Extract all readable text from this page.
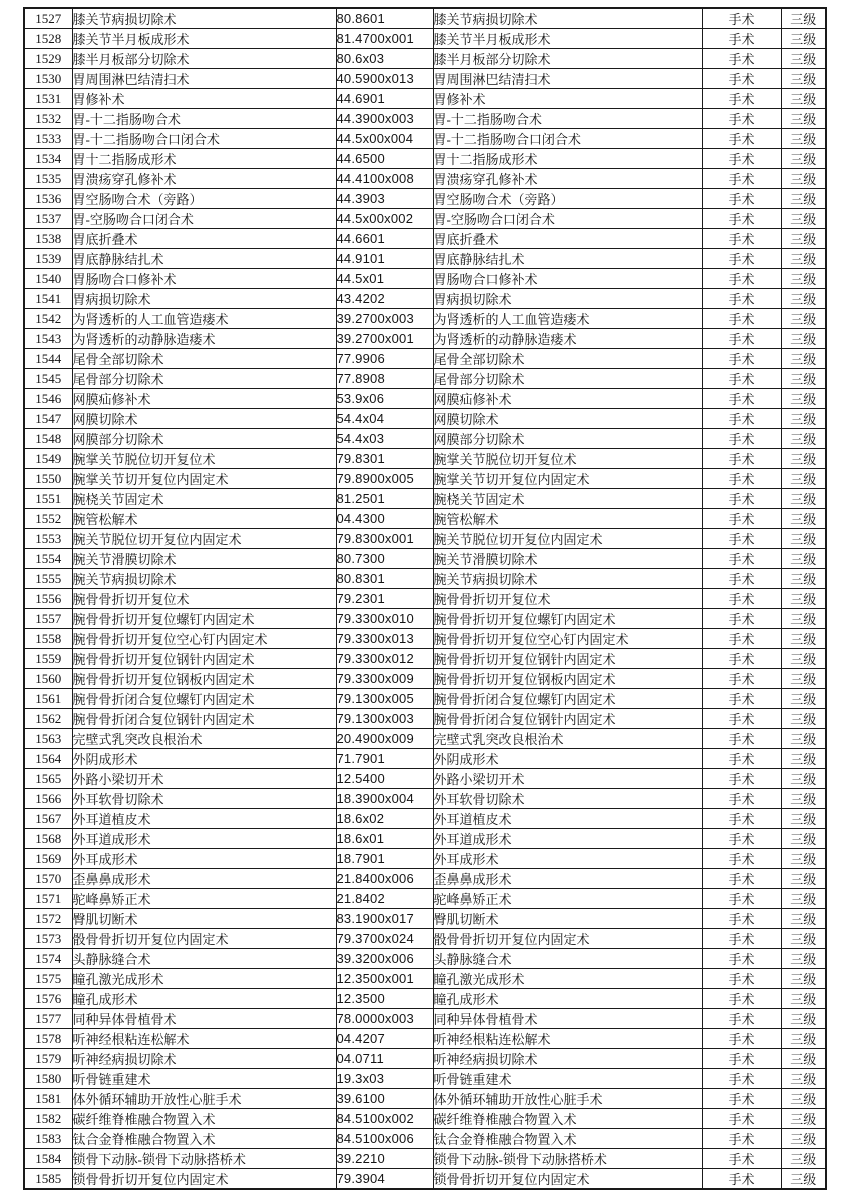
1527	膝关节病损切除术	80.8601	膝关节病损切除术	手术	三级
1528	膝关节半月板成形术	81.4700x001	膝关节半月板成形术	手术	三级
1529	膝半月板部分切除术	80.6x03	膝半月板部分切除术	手术	三级
1530	胃周围淋巴结清扫术	40.5900x013	胃周围淋巴结清扫术	手术	三级
1531	胃修补术	44.6901	胃修补术	手术	三级
1532	胃-十二指肠吻合术	44.3900x003	胃-十二指肠吻合术	手术	三级
1533	胃-十二指肠吻合口闭合术	44.5x00x004	胃-十二指肠吻合口闭合术	手术	三级
1534	胃十二指肠成形术	44.6500	胃十二指肠成形术	手术	三级
1535	胃溃疡穿孔修补术	44.4100x008	胃溃疡穿孔修补术	手术	三级
1536	胃空肠吻合术（旁路）	44.3903	胃空肠吻合术（旁路）	手术	三级
1537	胃-空肠吻合口闭合术	44.5x00x002	胃-空肠吻合口闭合术	手术	三级
1538	胃底折叠术	44.6601	胃底折叠术	手术	三级
1539	胃底静脉结扎术	44.9101	胃底静脉结扎术	手术	三级
1540	胃肠吻合口修补术	44.5x01	胃肠吻合口修补术	手术	三级
1541	胃病损切除术	43.4202	胃病损切除术	手术	三级
1542	为肾透析的人工血管造瘘术	39.2700x003	为肾透析的人工血管造瘘术	手术	三级
1543	为肾透析的动静脉造瘘术	39.2700x001	为肾透析的动静脉造瘘术	手术	三级
1544	尾骨全部切除术	77.9906	尾骨全部切除术	手术	三级
1545	尾骨部分切除术	77.8908	尾骨部分切除术	手术	三级
1546	网膜疝修补术	53.9x06	网膜疝修补术	手术	三级
1547	网膜切除术	54.4x04	网膜切除术	手术	三级
1548	网膜部分切除术	54.4x03	网膜部分切除术	手术	三级
1549	腕掌关节脱位切开复位术	79.8301	腕掌关节脱位切开复位术	手术	三级
1550	腕掌关节切开复位内固定术	79.8900x005	腕掌关节切开复位内固定术	手术	三级
1551	腕桡关节固定术	81.2501	腕桡关节固定术	手术	三级
1552	腕管松解术	04.4300	腕管松解术	手术	三级
1553	腕关节脱位切开复位内固定术	79.8300x001	腕关节脱位切开复位内固定术	手术	三级
1554	腕关节滑膜切除术	80.7300	腕关节滑膜切除术	手术	三级
1555	腕关节病损切除术	80.8301	腕关节病损切除术	手术	三级
1556	腕骨骨折切开复位术	79.2301	腕骨骨折切开复位术	手术	三级
1557	腕骨骨折切开复位螺钉内固定术	79.3300x010	腕骨骨折切开复位螺钉内固定术	手术	三级
1558	腕骨骨折切开复位空心钉内固定术	79.3300x013	腕骨骨折切开复位空心钉内固定术	手术	三级
1559	腕骨骨折切开复位钢针内固定术	79.3300x012	腕骨骨折切开复位钢针内固定术	手术	三级
1560	腕骨骨折切开复位钢板内固定术	79.3300x009	腕骨骨折切开复位钢板内固定术	手术	三级
1561	腕骨骨折闭合复位螺钉内固定术	79.1300x005	腕骨骨折闭合复位螺钉内固定术	手术	三级
1562	腕骨骨折闭合复位钢针内固定术	79.1300x003	腕骨骨折闭合复位钢针内固定术	手术	三级
1563	完壁式乳突改良根治术	20.4900x009	完壁式乳突改良根治术	手术	三级
1564	外阴成形术	71.7901	外阴成形术	手术	三级
1565	外路小梁切开术	12.5400	外路小梁切开术	手术	三级
1566	外耳软骨切除术	18.3900x004	外耳软骨切除术	手术	三级
1567	外耳道植皮术	18.6x02	外耳道植皮术	手术	三级
1568	外耳道成形术	18.6x01	外耳道成形术	手术	三级
1569	外耳成形术	18.7901	外耳成形术	手术	三级
1570	歪鼻鼻成形术	21.8400x006	歪鼻鼻成形术	手术	三级
1571	驼峰鼻矫正术	21.8402	驼峰鼻矫正术	手术	三级
1572	臀肌切断术	83.1900x017	臀肌切断术	手术	三级
1573	骰骨骨折切开复位内固定术	79.3700x024	骰骨骨折切开复位内固定术	手术	三级
1574	头静脉缝合术	39.3200x006	头静脉缝合术	手术	三级
1575	瞳孔激光成形术	12.3500x001	瞳孔激光成形术	手术	三级
1576	瞳孔成形术	12.3500	瞳孔成形术	手术	三级
1577	同种异体骨植骨术	78.0000x003	同种异体骨植骨术	手术	三级
1578	听神经根粘连松解术	04.4207	听神经根粘连松解术	手术	三级
1579	听神经病损切除术	04.0711	听神经病损切除术	手术	三级
1580	听骨链重建术	19.3x03	听骨链重建术	手术	三级
1581	体外循环辅助开放性心脏手术	39.6100	体外循环辅助开放性心脏手术	手术	三级
1582	碳纤维脊椎融合物置入术	84.5100x002	碳纤维脊椎融合物置入术	手术	三级
1583	钛合金脊椎融合物置入术	84.5100x006	钛合金脊椎融合物置入术	手术	三级
1584	锁骨下动脉-锁骨下动脉搭桥术	39.2210	锁骨下动脉-锁骨下动脉搭桥术	手术	三级
1585	锁骨骨折切开复位内固定术	79.3904	锁骨骨折切开复位内固定术	手术	三级
